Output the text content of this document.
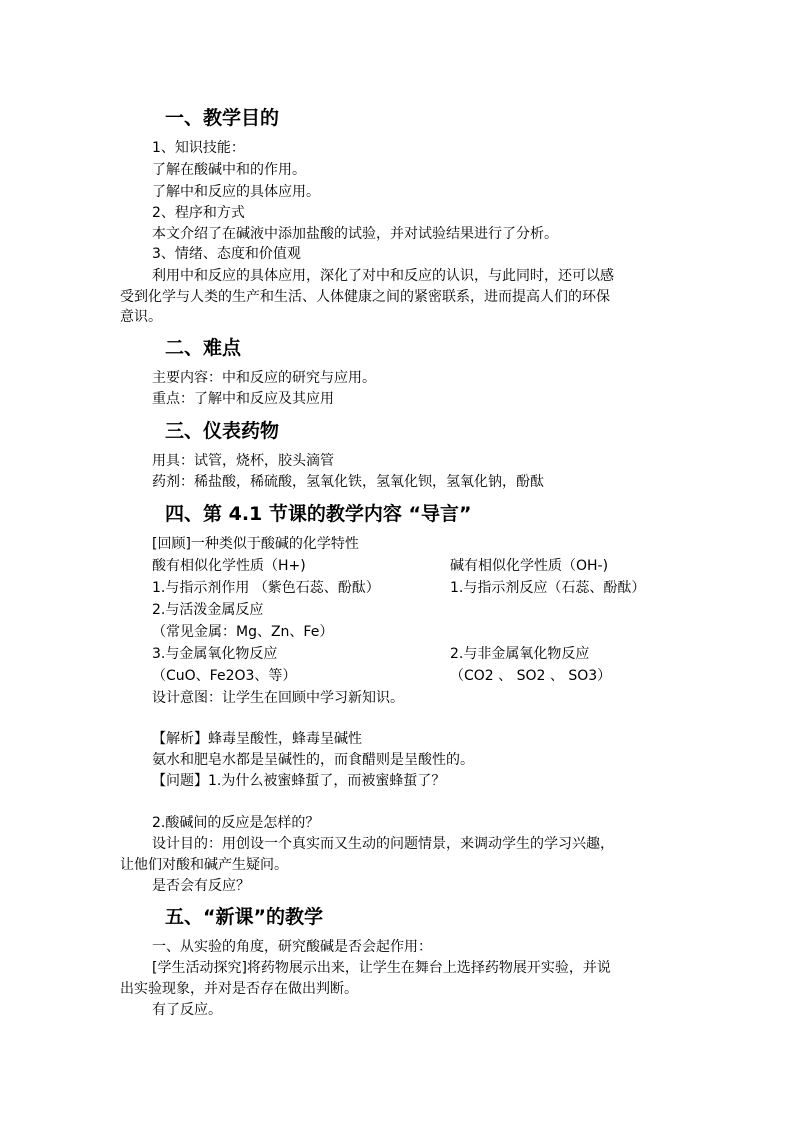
一、教学目的
1、知识技能：
了解在酸碱中和的作用。
了解中和反应的具体应用。
2、程序和方式
本文介绍了在碱液中添加盐酸的试验，并对试验结果进行了分析。
3、情绪、态度和价值观
利用中和反应的具体应用，深化了对中和反应的认识，与此同时，还可以感
受到化学与人类的生产和生活、人体健康之间的紧密联系，进而提高人们的环保
意识。
二、难点
主要内容：中和反应的研究与应用。
重点：了解中和反应及其应用
三、仪表药物
用具：试管，烧杯，胶头滴管
药剂：稀盐酸，稀硫酸，氢氧化铁，氢氧化钡，氢氧化钠，酚酞
四、第 4.1 节课的教学内容 “导言”
[回顾]一种类似于酸碱的化学特性
酸有相似化学性质（H+)	碱有相似化学性质（OH-)
1.与指示剂作用 （紫色石蕊、酚酞）	1.与指示剂反应（石蕊、酚酞）
2.与活泼金属反应
（常见金属：Mg、Zn、Fe）
3.与金属氧化物反应	2.与非金属氧化物反应
（CuO、Fe2O3、等）	（CO2 、 SO2 、 SO3）
设计意图：让学生在回顾中学习新知识。
【解析】蜂毒呈酸性，蜂毒呈碱性
氨水和肥皂水都是呈碱性的，而食醋则是呈酸性的。
【问题】1.为什么被蜜蜂蜇了，而被蜜蜂蜇了？
2.酸碱间的反应是怎样的？
设计目的：用创设一个真实而又生动的问题情景，来调动学生的学习兴趣，
让他们对酸和碱产生疑问。
是否会有反应？
五、“新课”的教学
一、从实验的角度，研究酸碱是否会起作用：
[学生活动探究]将药物展示出来，让学生在舞台上选择药物展开实验，并说
出实验现象，并对是否存在做出判断。
有了反应。
